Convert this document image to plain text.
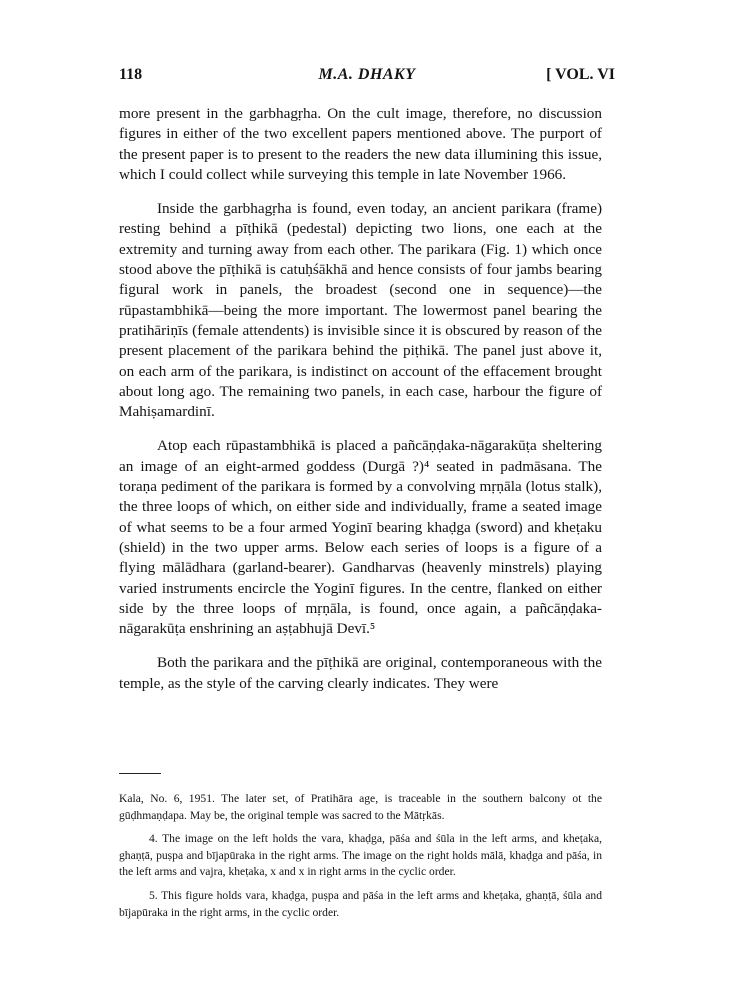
118	M.A. DHAKY	[ VOL. VI

more present in the garbhagṛha. On the cult image, therefore, no discussion figures in either of the two excellent papers mentioned above. The purport of the present paper is to present to the readers the new data illumining this issue, which I could collect while surveying this temple in late November 1966.

Inside the garbhagṛha is found, even today, an ancient parikara (frame) resting behind a pīṭhikā (pedestal) depicting two lions, one each at the extremity and turning away from each other. The parikara (Fig. 1) which once stood above the pīṭhikā is catuḥśākhā and hence consists of four jambs bearing figural work in panels, the broadest (second one in sequence)—the rūpastambhikā—being the more important. The lowermost panel bearing the pratihāriṇīs (female attendents) is invisible since it is obscured by reason of the present placement of the parikara behind the piṭhikā. The panel just above it, on each arm of the parikara, is indistinct on account of the effacement brought about long ago. The remaining two panels, in each case, harbour the figure of Mahiṣamardinī.

Atop each rūpastambhikā is placed a pañcāṇḍaka-nāgarakūṭa sheltering an image of an eight-armed goddess (Durgā ?)⁴ seated in padmāsana. The toraṇa pediment of the parikara is formed by a convolving mṛṇāla (lotus stalk), the three loops of which, on either side and individually, frame a seated image of what seems to be a four armed Yoginī bearing khaḍga (sword) and kheṭaku (shield) in the two upper arms. Below each series of loops is a figure of a flying mālādhara (garland-bearer). Gandharvas (heavenly minstrels) playing varied instruments encircle the Yoginī figures. In the centre, flanked on either side by the three loops of mṛṇāla, is found, once again, a pañcāṇḍaka-nāgarakūṭa enshrining an aṣṭabhujā Devī.⁵

Both the parikara and the pīṭhikā are original, contemporaneous with the temple, as the style of the carving clearly indicates. They were

Kala, No. 6, 1951. The later set, of Pratihāra age, is traceable in the southern balcony ot the gūḍhmaṇḍapa. May be, the original temple was sacred to the Mātṛkās.

4. The image on the left holds the vara, khaḍga, pāśa and śūla in the left arms, and kheṭaka, ghaṇṭā, puṣpa and bījapūraka in the right arms. The image on the right holds mālā, khaḍga and pāśa, in the left arms and vajra, kheṭaka, x and x in right arms in the cyclic order.

5. This figure holds vara, khaḍga, puṣpa and pāśa in the left arms and kheṭaka, ghaṇṭā, śūla and bījapūraka in the right arms, in the cyclic order.
